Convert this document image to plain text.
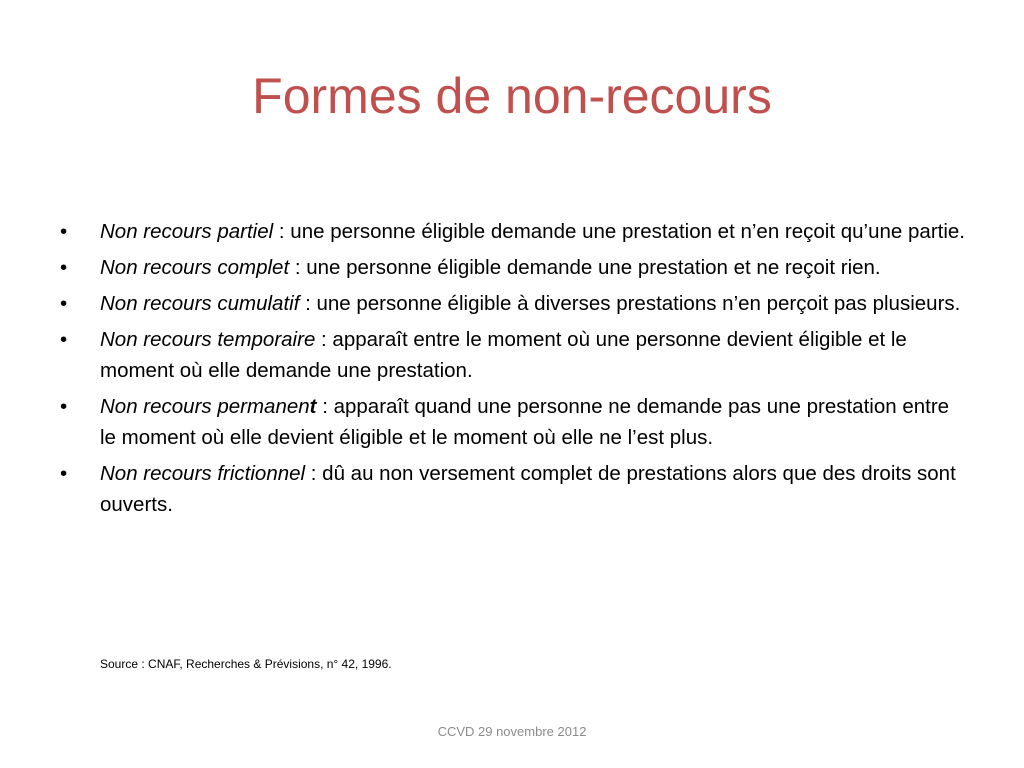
Formes de non-recours
•	Non recours partiel : une personne éligible demande une prestation et n’en reçoit qu’une partie.
•	Non recours complet : une personne éligible demande une prestation et ne reçoit rien.
•	Non recours cumulatif : une personne éligible à diverses prestations n’en perçoit pas plusieurs.
•	Non recours temporaire : apparaît entre le moment où une personne devient éligible et le moment où elle demande une prestation.
•	Non recours permanent : apparaît quand une personne ne demande pas une prestation entre le moment où elle devient éligible et le moment où elle ne l’est plus.
•	Non recours frictionnel : dû au non versement complet de prestations alors que des droits sont ouverts.
Source : CNAF, Recherches & Prévisions, n° 42, 1996.
CCVD 29 novembre 2012
